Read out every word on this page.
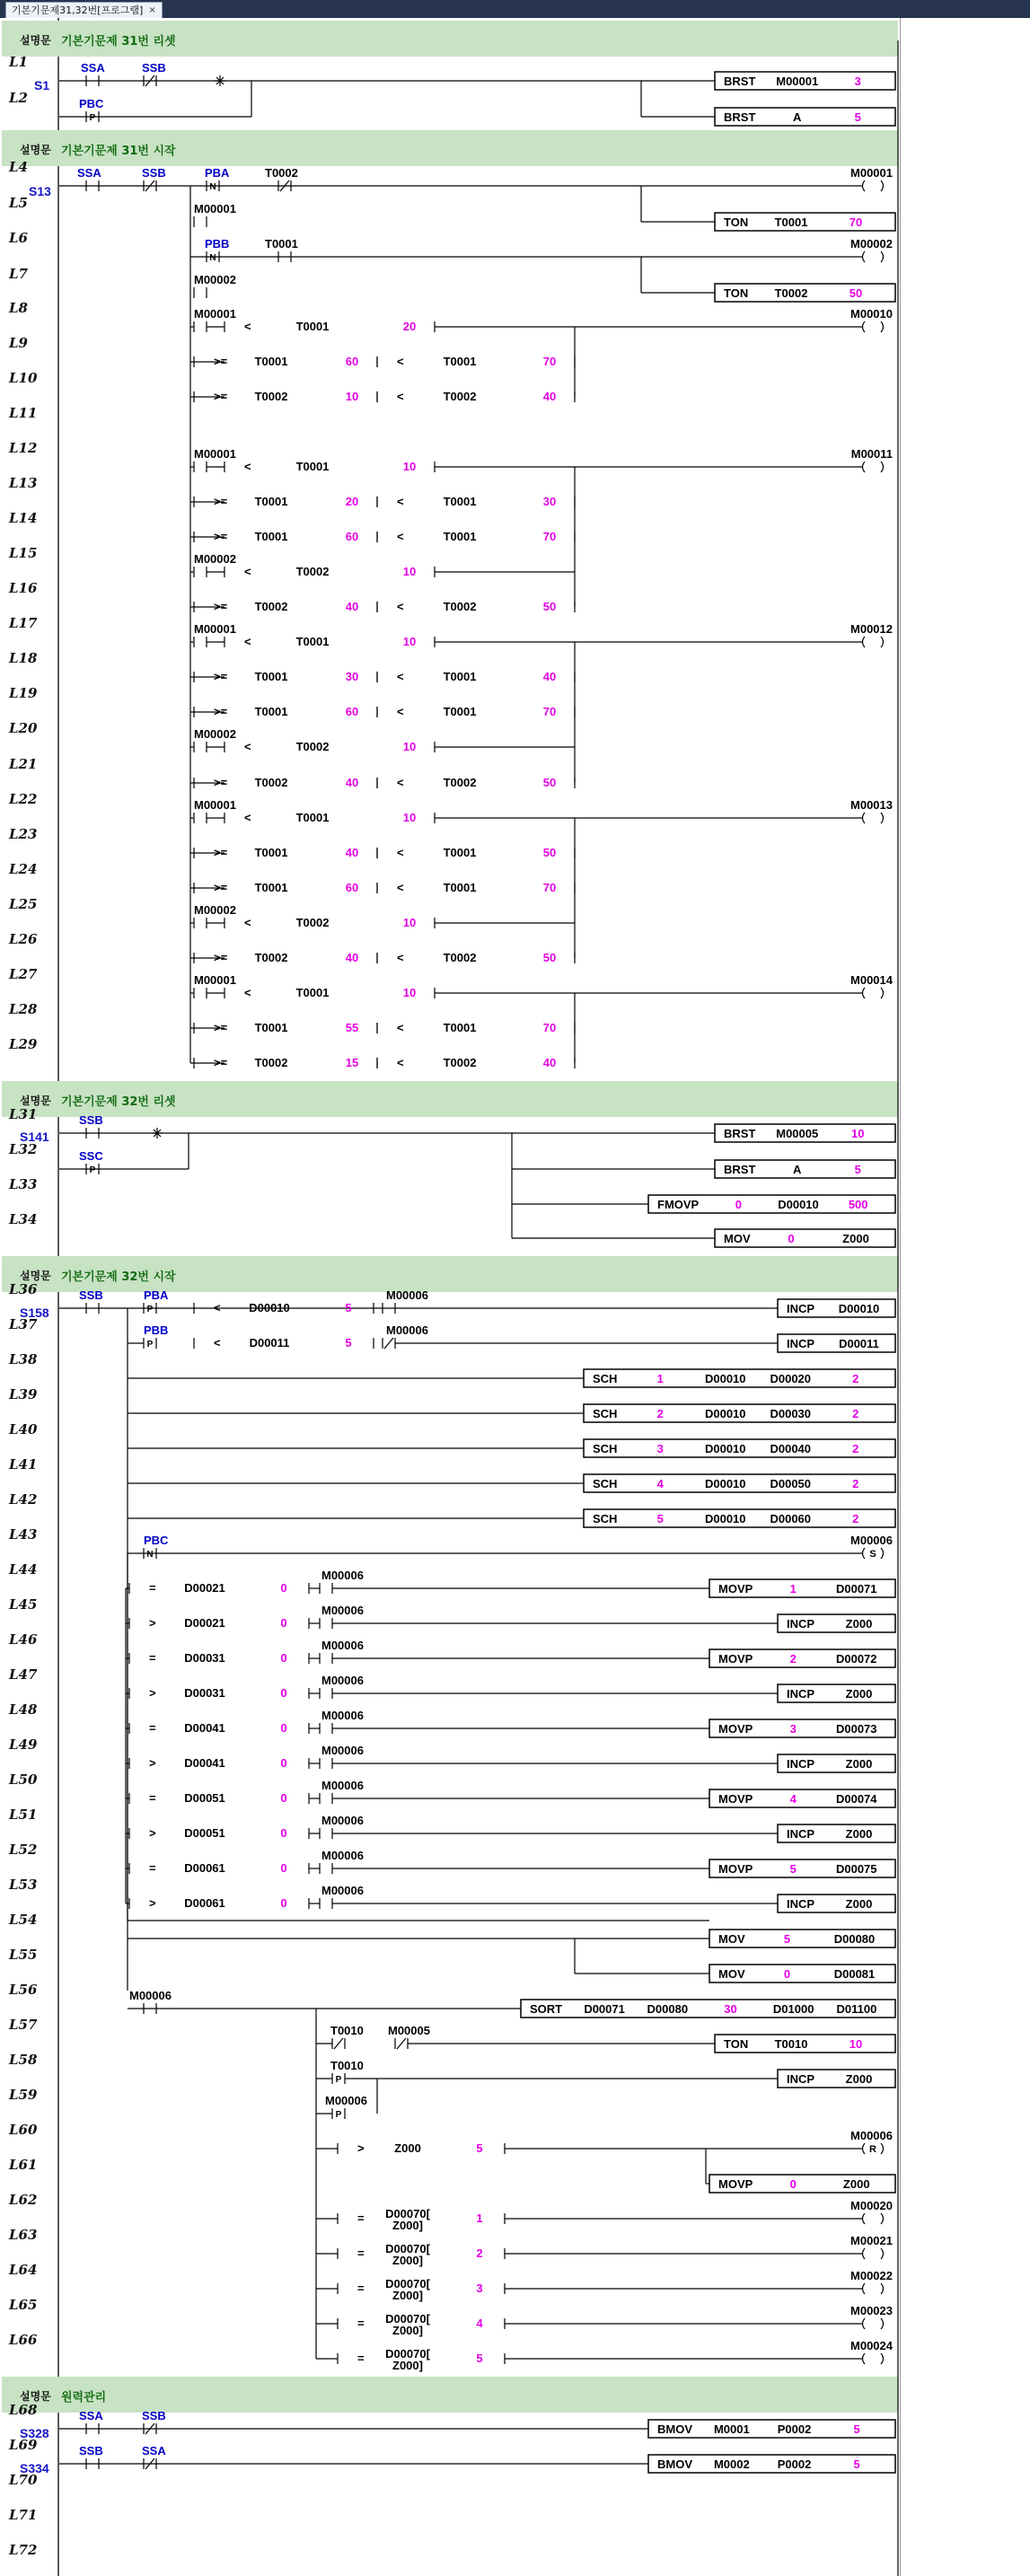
기본기문제31,32번[프로그램] ×
설명문 기본기문제 31번 리셋
설명문 기본기문제 31번 시작
설명문 기본기문제 32번 리셋
설명문 기본기문제 32번 시작
설명문 원력관리
L1
L2
L4
L5
L6
L7
L8
L9
L10
L11
L12
L13
L14
L15
L16
L17
L18
L19
L20
L21
L22
L23
L24
L25
L26
L27
L28
L29
L31
L32
L33
L34
L36
L37
L38
L39
L40
L41
L42
L43
L44
L45
L46
L47
L48
L49
L50
L51
L52
L53
L54
L55
L56
L57
L58
L59
L60
L61
L62
L63
L64
L65
L66
L68
L69
L70
L71
L72
S1
S13
S141
S158
S328
S334
SSA	SSB
P
PBC
BRST M00001	3
BRST	A	5
SSA	SSB
N
PBA	T0002	M00001
M00001
TON T0001	70
N
PBB	T0001	M00002
M00002
TON T0002	50
M00001
<	T0001	20
>= T0001	60	<	T0001	70
>= T0002	10	<	T0002	40
M00010
M00001
<	T0001	10
>= T0001	20	<	T0001	30
>= T0001	60	<	T0001	70
M00002
<	T0002	10
>= T0002	40	<	T0002	50
M00011
M00001
<	T0001	10
>= T0001	30	<	T0001	40
>= T0001	60	<	T0001	70
M00002
<	T0002	10
>= T0002	40	<	T0002	50
M00012
M00001
<	T0001	10
>= T0001	40	<	T0001	50
>= T0001	60	<	T0001	70
M00002
<	T0002	10
>= T0002	40	<	T0002	50
M00013
M00001
<	T0001	10
>= T0001	55	<	T0001	70
>= T0002	15	<	T0002	40
M00014
SSB
P
SSC
BRST M00005	10
BRST	A	5
FMOVP	0	D00010	500
MOV	0	Z000
SSB
P
PBA
P
PBB
< D00010	5
< D00011	5
M00006
M00006
INCP D00010
INCP D00011
SCH	1	D00010 D00020	2
SCH	2	D00010 D00030	2
SCH	3	D00010 D00040	2
SCH	4	D00010 D00050	2
SCH	5	D00010 D00060	2
N
PBC
S
M00006
= D00021	0
M00006
MOVP	1	D00071
> D00021	0
M00006
INCP	Z000
= D00031	0
M00006
MOVP	2	D00072
> D00031	0
M00006
INCP	Z000
= D00041	0
M00006
MOVP	3	D00073
> D00041	0
M00006
INCP	Z000
= D00051	0
M00006
MOVP	4	D00074
> D00051	0
M00006
INCP	Z000
= D00061	0
M00006
MOVP	5	D00075
> D00061	0
M00006
INCP	Z000
MOV	5	D00080
MOV	0	D00081
M00006
SORT D00071 D00080	30	D01000 D01100
T0010 M00005
TON T0010	10
P
T0010
INCP	Z000
P
M00006
>	Z000	5	R
M00006
MOVP	0	Z000
= D00070[
Z000]
1
M00020
= D00070[
Z000]
2
M00021
= D00070[
Z000]
3
M00022
= D00070[
Z000]
4
M00023
= D00070[
Z000]
5
M00024
SSA	SSB
BMOV M0001 P0002	5
SSB	SSA
BMOV M0002 P0002	5
